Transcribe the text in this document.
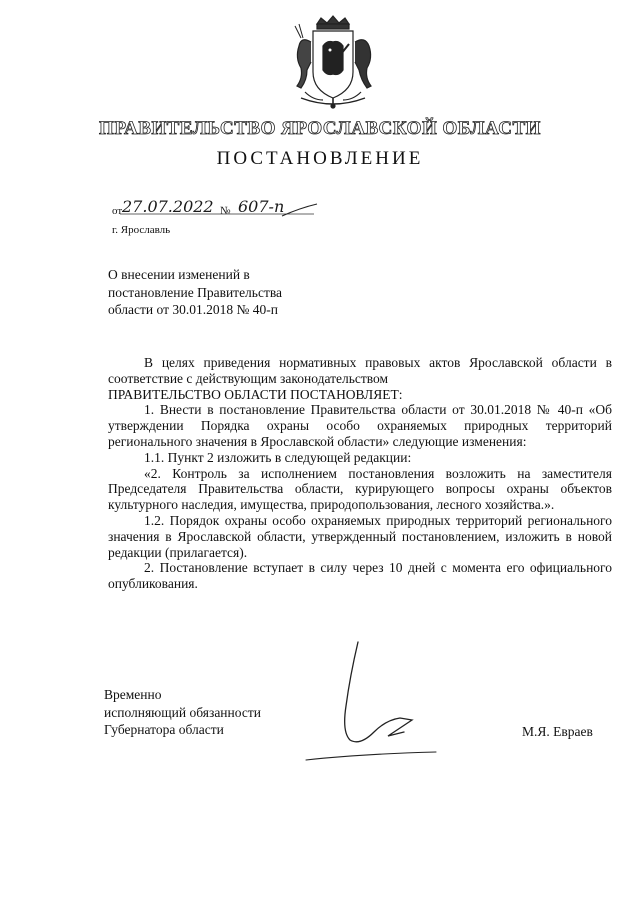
ПРАВИТЕЛЬСТВО ЯРОСЛАВСКОЙ ОБЛАСТИ
ПОСТАНОВЛЕНИЕ
от 27.07.2022 № 607-п
г. Ярославль
О внесении изменений в
постановление Правительства
области от 30.01.2018 № 40-п

В целях приведения нормативных правовых актов Ярославской области в соответствие с действующим законодательством

ПРАВИТЕЛЬСТВО ОБЛАСТИ ПОСТАНОВЛЯЕТ:

1. Внести в постановление Правительства области от 30.01.2018 № 40-п «Об утверждении Порядка охраны особо охраняемых природных территорий регионального значения в Ярославской области» следующие изменения:

1.1. Пункт 2 изложить в следующей редакции:

«2. Контроль за исполнением постановления возложить на заместителя Председателя Правительства области, курирующего вопросы охраны объектов культурного наследия, имущества, природопользования, лесного хозяйства.».

1.2. Порядок охраны особо охраняемых природных территорий регионального значения в Ярославской области, утвержденный постановлением, изложить в новой редакции (прилагается).

2. Постановление вступает в силу через 10 дней с момента его официального опубликования.

Временно
исполняющий обязанности
Губернатора области	М.Я. Евраев
